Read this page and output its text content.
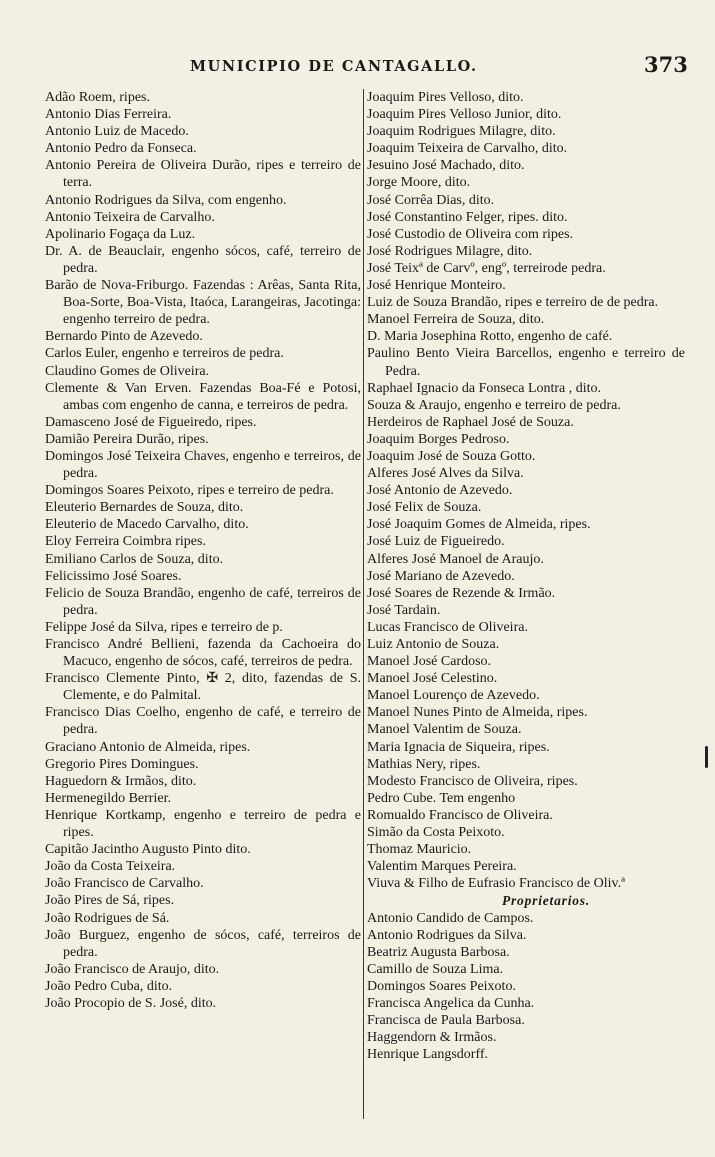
MUNICIPIO DE CANTAGALLO.	373
Adão Roem, ripes.
Antonio Dias Ferreira.
Antonio Luiz de Macedo.
Antonio Pedro da Fonseca.
Antonio Pereira de Oliveira Durão, ripes e terreiro de terra.
Antonio Rodrigues da Silva, com engenho.
Antonio Teixeira de Carvalho.
Apolinario Fogaça da Luz.
Dr. A. de Beauclair, engenho sócos, café, terreiro de pedra.
Barão de Nova-Friburgo. Fazendas : Arêas, Santa Rita, Boa-Sorte, Boa-Vista, Itaóca, Larangeiras, Jacotinga: engenho terreiro de pedra.
Bernardo Pinto de Azevedo.
Carlos Euler, engenho e terreiros de pedra.
Claudino Gomes de Oliveira.
Clemente & Van Erven. Fazendas Boa-Fé e Potosi, ambas com engenho de canna, e terreiros de pedra.
Damasceno José de Figueiredo, ripes.
Damião Pereira Durão, ripes.
Domingos José Teixeira Chaves, engenho e terreiros, de pedra.
Domingos Soares Peixoto, ripes e terreiro de pedra.
Eleuterio Bernardes de Souza, dito.
Eleuterio de Macedo Carvalho, dito.
Eloy Ferreira Coimbra ripes.
Emiliano Carlos de Souza, dito.
Felicissimo José Soares.
Felicio de Souza Brandão, engenho de café, terreiros de pedra.
Felippe José da Silva, ripes e terreiro de p.
Francisco André Bellieni, fazenda da Cachoeira do Macuco, engenho de sócos, café, terreiros de pedra.
Francisco Clemente Pinto, ✠ 2, dito, fazendas de S. Clemente, e do Palmital.
Francisco Dias Coelho, engenho de café, e terreiro de pedra.
Graciano Antonio de Almeida, ripes.
Gregorio Pires Domingues.
Haguedorn & Irmãos, dito.
Hermenegildo Berrier.
Henrique Kortkamp, engenho e terreiro de pedra e ripes.
Capitão Jacintho Augusto Pinto dito.
João da Costa Teixeira.
João Francisco de Carvalho.
João Pires de Sá, ripes.
João Rodrigues de Sá.
João Burguez, engenho de sócos, café, terreiros de pedra.
João Francisco de Araujo, dito.
João Pedro Cuba, dito.
João Procopio de S. José, dito.
Joaquim Pires Velloso, dito.
Joaquim Pires Velloso Junior, dito.
Joaquim Rodrigues Milagre, dito.
Joaquim Teixeira de Carvalho, dito.
Jesuino José Machado, dito.
Jorge Moore, dito.
José Corrêa Dias, dito.
José Constantino Felger, ripes. dito.
José Custodio de Oliveira com ripes.
José Rodrigues Milagre, dito.
José Teixª de Carvº, engº, terreirode pedra.
José Henrique Monteiro.
Luiz de Souza Brandão, ripes e terreiro de de pedra.
Manoel Ferreira de Souza, dito.
D. Maria Josephina Rotto, engenho de café.
Paulino Bento Vieira Barcellos, engenho e terreiro de Pedra.
Raphael Ignacio da Fonseca Lontra , dito.
Souza & Araujo, engenho e terreiro de pedra.
Herdeiros de Raphael José de Souza.
Joaquim Borges Pedroso.
Joaquim José de Souza Gotto.
Alferes José Alves da Silva.
José Antonio de Azevedo.
José Felix de Souza.
José Joaquim Gomes de Almeida, ripes.
José Luiz de Figueiredo.
Alferes José Manoel de Araujo.
José Mariano de Azevedo.
José Soares de Rezende & Irmão.
José Tardain.
Lucas Francisco de Oliveira.
Luiz Antonio de Souza.
Manoel José Cardoso.
Manoel José Celestino.
Manoel Lourenço de Azevedo.
Manoel Nunes Pinto de Almeida, ripes.
Manoel Valentim de Souza.
Maria Ignacia de Siqueira, ripes.
Mathias Nery, ripes.
Modesto Francisco de Oliveira, ripes.
Pedro Cube. Tem engenho
Romualdo Francisco de Oliveira.
Simão da Costa Peixoto.
Thomaz Mauricio.
Valentim Marques Pereira.
Viuva & Filho de Eufrasio Francisco de Oliv.ª
Proprietarios.
Antonio Candido de Campos.
Antonio Rodrigues da Silva.
Beatriz Augusta Barbosa.
Camillo de Souza Lima.
Domingos Soares Peixoto.
Francisca Angelica da Cunha.
Francisca de Paula Barbosa.
Haggendorn & Irmãos.
Henrique Langsdorff.
